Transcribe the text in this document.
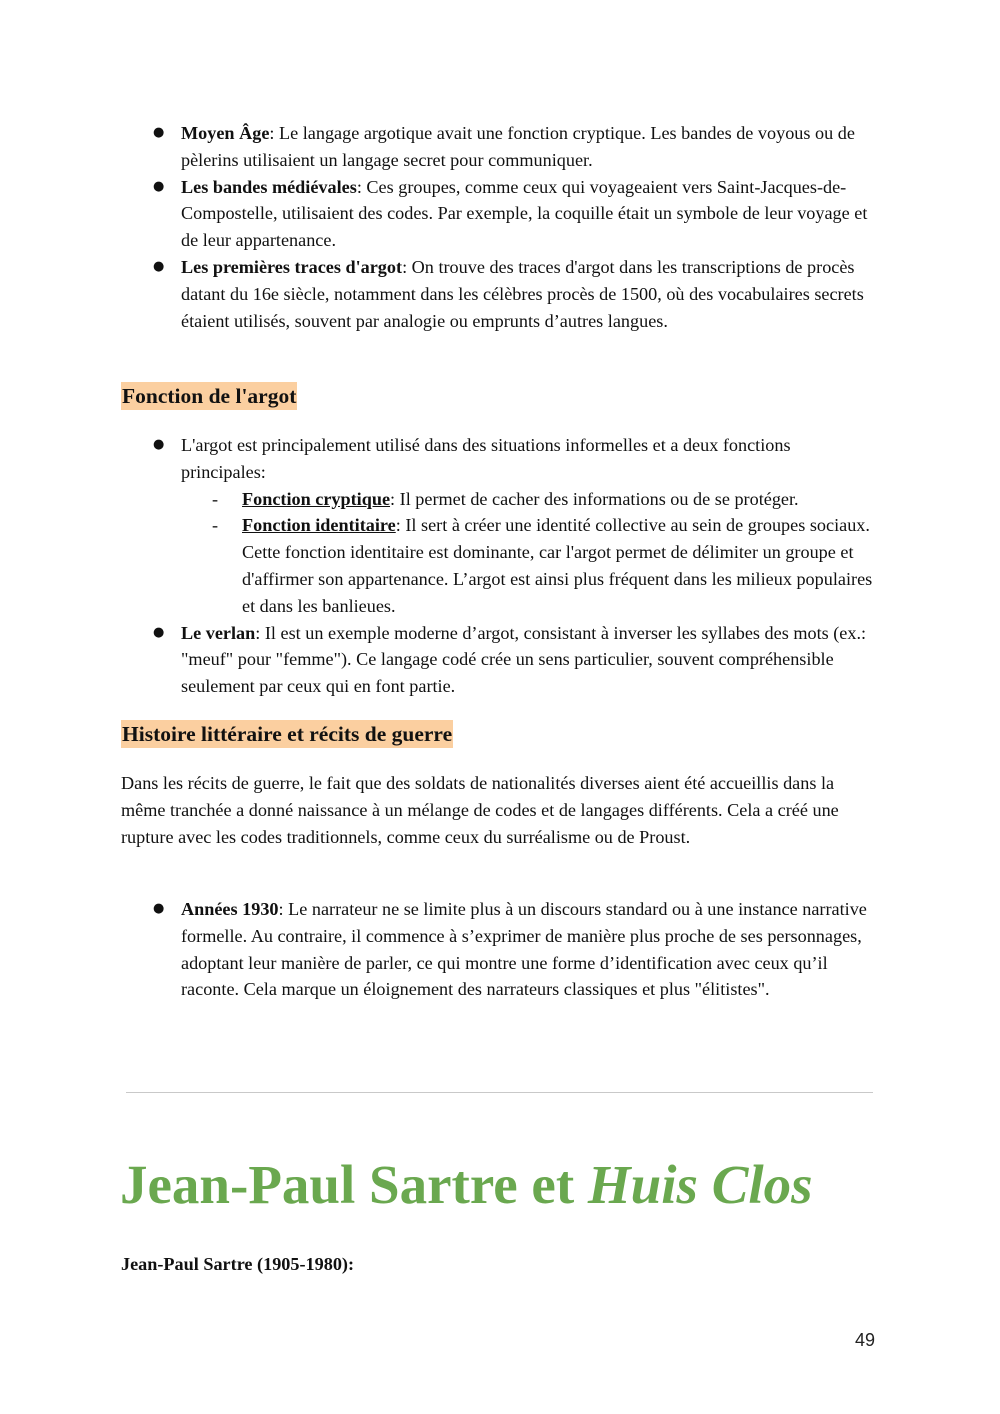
● Moyen Âge: Le langage argotique avait une fonction cryptique. Les bandes de voyous ou de pèlerins utilisaient un langage secret pour communiquer.
● Les bandes médiévales: Ces groupes, comme ceux qui voyageaient vers Saint-Jacques-de-Compostelle, utilisaient des codes. Par exemple, la coquille était un symbole de leur voyage et de leur appartenance.
● Les premières traces d'argot: On trouve des traces d'argot dans les transcriptions de procès datant du 16e siècle, notamment dans les célèbres procès de 1500, où des vocabulaires secrets étaient utilisés, souvent par analogie ou emprunts d’autres langues.
Fonction de l'argot
● L'argot est principalement utilisé dans des situations informelles et a deux fonctions principales:
- Fonction cryptique: Il permet de cacher des informations ou de se protéger.
- Fonction identitaire: Il sert à créer une identité collective au sein de groupes sociaux. Cette fonction identitaire est dominante, car l'argot permet de délimiter un groupe et d'affirmer son appartenance. L’argot est ainsi plus fréquent dans les milieux populaires et dans les banlieues.
● Le verlan: Il est un exemple moderne d’argot, consistant à inverser les syllabes des mots (ex.: "meuf" pour "femme"). Ce langage codé crée un sens particulier, souvent compréhensible seulement par ceux qui en font partie.
Histoire littéraire et récits de guerre
Dans les récits de guerre, le fait que des soldats de nationalités diverses aient été accueillis dans la même tranchée a donné naissance à un mélange de codes et de langages différents. Cela a créé une rupture avec les codes traditionnels, comme ceux du surréalisme ou de Proust.
● Années 1930: Le narrateur ne se limite plus à un discours standard ou à une instance narrative formelle. Au contraire, il commence à s’exprimer de manière plus proche de ses personnages, adoptant leur manière de parler, ce qui montre une forme d’identification avec ceux qu’il raconte. Cela marque un éloignement des narrateurs classiques et plus "élitistes".
Jean-Paul Sartre et Huis Clos
Jean-Paul Sartre (1905-1980):
49
